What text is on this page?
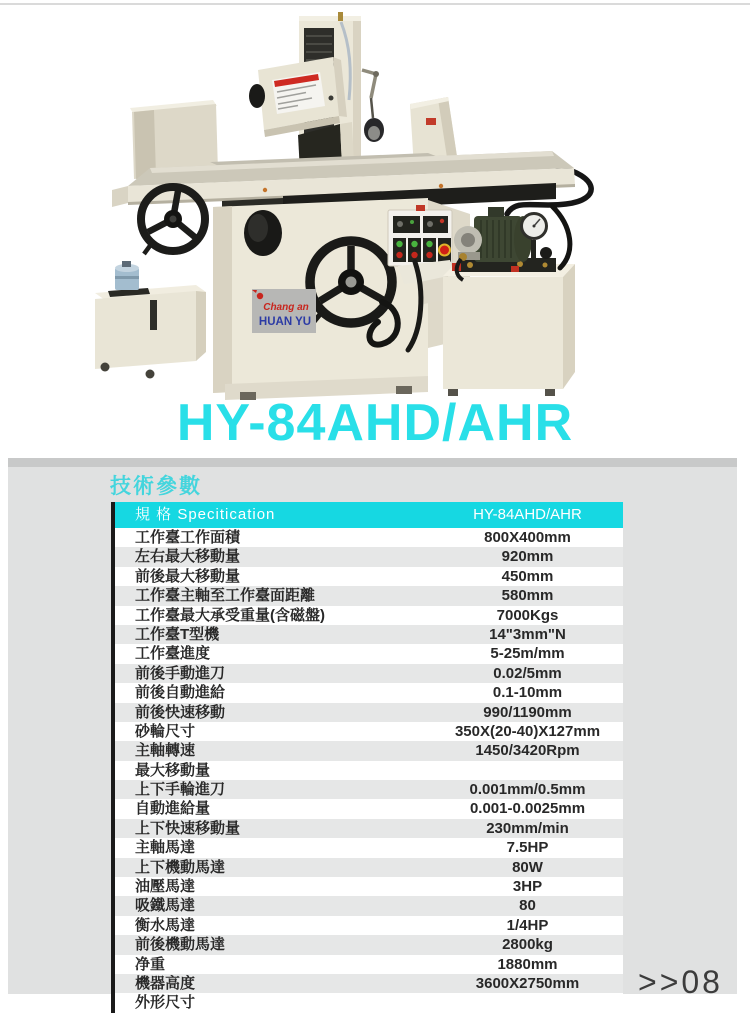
Chang an
HUAN YU
HY-84AHD/AHR
技術參數
規 格 Specitication	HY-84AHD/AHR
工作臺工作面積	800X400mm
左右最大移動量	920mm
前後最大移動量	450mm
工作臺主軸至工作臺面距離	580mm
工作臺最大承受重量(含磁盤)	7000Kgs
工作臺T型機	14"3mm"N
工作臺進度	5-25m/mm
前後手動進刀	0.02/5mm
前後自動進給	0.1-10mm
前後快速移動	990/1190mm
砂輪尺寸	350X(20-40)X127mm
主軸轉速	1450/3420Rpm
最大移動量
上下手輪進刀	0.001mm/0.5mm
自動進給量	0.001-0.0025mm
上下快速移動量	230mm/min
主軸馬達	7.5HP
上下機動馬達	80W
油壓馬達	3HP
吸鐵馬達	80
衡水馬達	1/4HP
前後機動馬達	2800kg
净重	1880mm
機器高度	3600X2750mm
外形尺寸
>>08
